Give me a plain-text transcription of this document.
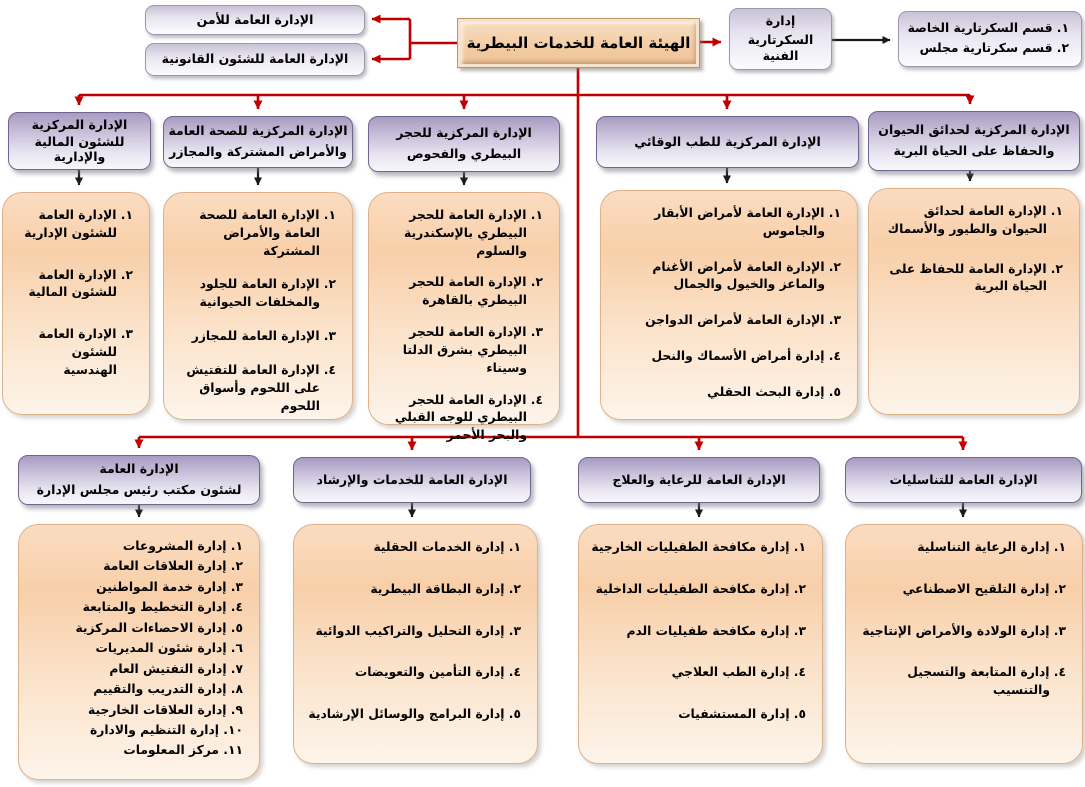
الهيئة العامة للخدمات البيطرية
الإدارة العامة للأمن
الإدارة العامة للشئون القانونية
إدارة
السكرتارية الفنية
١. قسم السكرتارية الخاصة
٢. قسم سكرتارية مجلس
الإدارة المركزية
للشئون المالية والإدارية
الإدارة المركزية للصحة العامة
والأمراض المشتركة والمجازر
الإدارة المركزية للحجر
البيطري والفحوص
الإدارة المركزية للطب الوقائي
الإدارة المركزية لحدائق الحيوان
والحفاظ على الحياة البرية
١. الإدارة العامة للشئون الإدارية
٢. الإدارة العامة للشئون المالية
٣. الإدارة العامة للشئون الهندسية
١. الإدارة العامة للصحة العامة والأمراض المشتركة
٢. الإدارة العامة للجلود والمخلفات الحيوانية
٣. الإدارة العامة للمجازر
٤. الإدارة العامة للتفتيش على اللحوم وأسواق اللحوم
١. الإدارة العامة للحجر البيطري بالإسكندرية والسلوم
٢. الإدارة العامة للحجر البيطري بالقاهرة
٣. الإدارة العامة للحجر البيطري بشرق الدلتا وسيناء
٤. الإدارة العامة للحجر البيطري للوجه القبلي والبحر الأحمر
١. الإدارة العامة لأمراض الأبقار والجاموس
٢. الإدارة العامة لأمراض الأغنام والماعز والخيول والجمال
٣. الإدارة العامة لأمراض الدواجن
٤. إدارة أمراض الأسماك والنحل
٥. إدارة البحث الحقلي
١. الإدارة العامة لحدائق الحيوان والطيور والأسماك
٢. الإدارة العامة للحفاظ على الحياة البرية
الإدارة العامة
لشئون مكتب رئيس مجلس الإدارة
الإدارة العامة للخدمات والإرشاد	الإدارة العامة للرعاية والعلاج	الإدارة العامة للتناسليات
١. إدارة المشروعات
٢. إدارة العلاقات العامة
٣. إدارة خدمة المواطنين
٤. إدارة التخطيط والمتابعة
٥. إدارة الاحصاءات المركزية
٦. إدارة شئون المديريات
٧. إدارة التفتيش العام
٨. إدارة التدريب والتقييم
٩. إدارة العلاقات الخارجية
١٠. إدارة التنظيم والادارة
١١. مركز المعلومات
١. إدارة الخدمات الحقلية
٢. إدارة البطاقة البيطرية
٣. إدارة التحليل والتراكيب الدوائية
٤. إدارة التأمين والتعويضات
٥. إدارة البرامج والوسائل الإرشادية
١. إدارة مكافحة الطفيليات الخارجية
٢. إدارة مكافحة الطفيليات الداخلية
٣. إدارة مكافحة طفيليات الدم
٤. إدارة الطب العلاجي
٥. إدارة المستشفيات
١. إدارة الرعاية التناسلية
٢. إدارة التلقيح الاصطناعي
٣. إدارة الولادة والأمراض الإنتاجية
٤. إدارة المتابعة والتسجيل والتنسيب
